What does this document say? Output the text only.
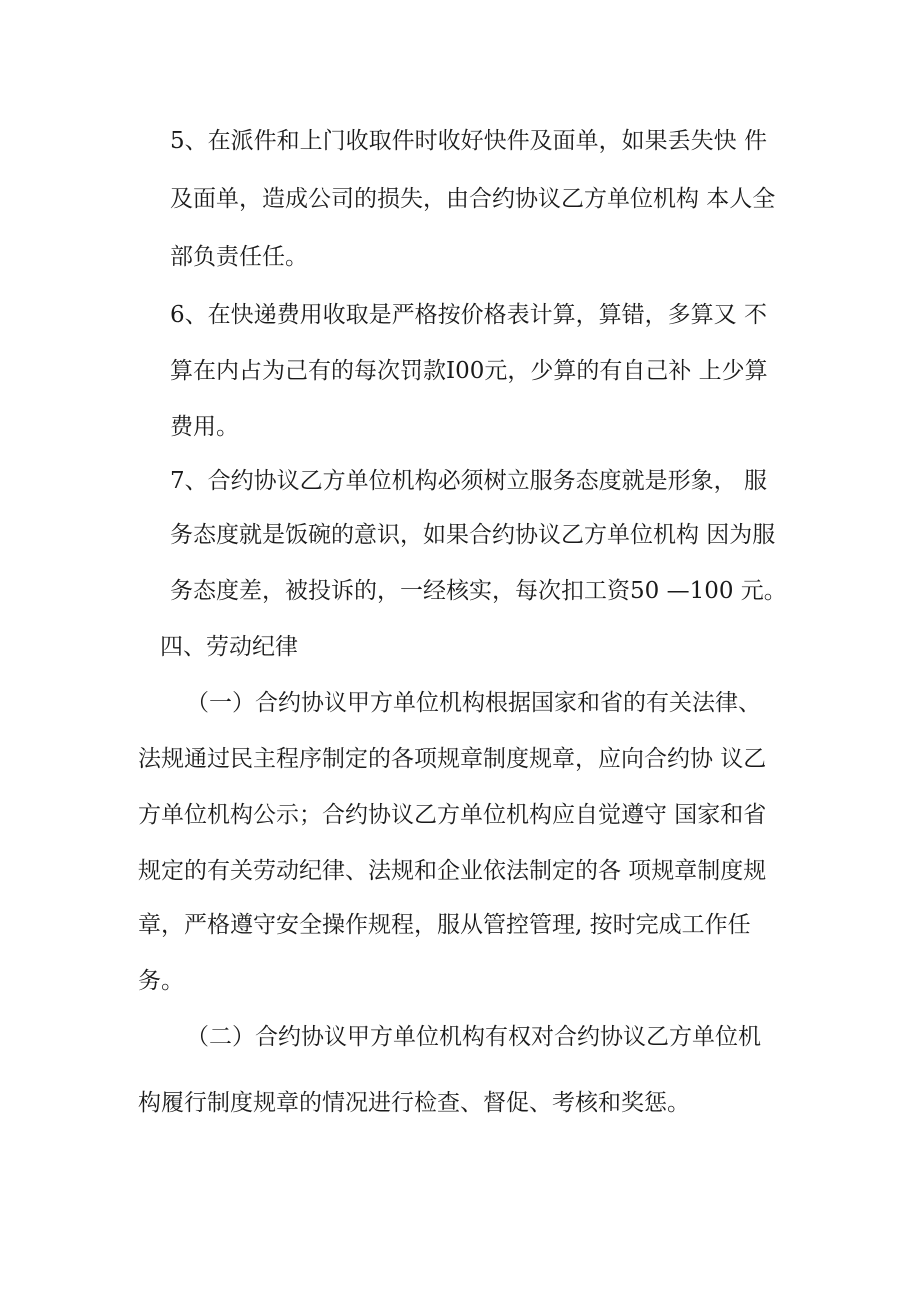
5、在派件和上门收取件时收好快件及面单，如果丢失快 件
及面单，造成公司的损失，由合约协议乙方单位机构 本人全
部负责任任。
6、在快递费用收取是严格按价格表计算，算错，多算又 不
算在内占为己有的每次罚款I00元，少算的有自己补 上少算
费用。
7、合约协议乙方单位机构必须树立服务态度就是形象， 服
务态度就是饭碗的意识，如果合约协议乙方单位机构 因为服
务态度差，被投诉的，一经核实，每次扣工资50 —100 元。
四、劳动纪律
（一）合约协议甲方单位机构根据国家和省的有关法律、
法规通过民主程序制定的各项规章制度规章，应向合约协 议乙
方单位机构公示；合约协议乙方单位机构应自觉遵守 国家和省
规定的有关劳动纪律、法规和企业依法制定的各 项规章制度规
章，严格遵守安全操作规程，服从管控管理, 按时完成工作任
务。
（二）合约协议甲方单位机构有权对合约协议乙方单位机
构履行制度规章的情况进行检查、督促、考核和奖惩。
